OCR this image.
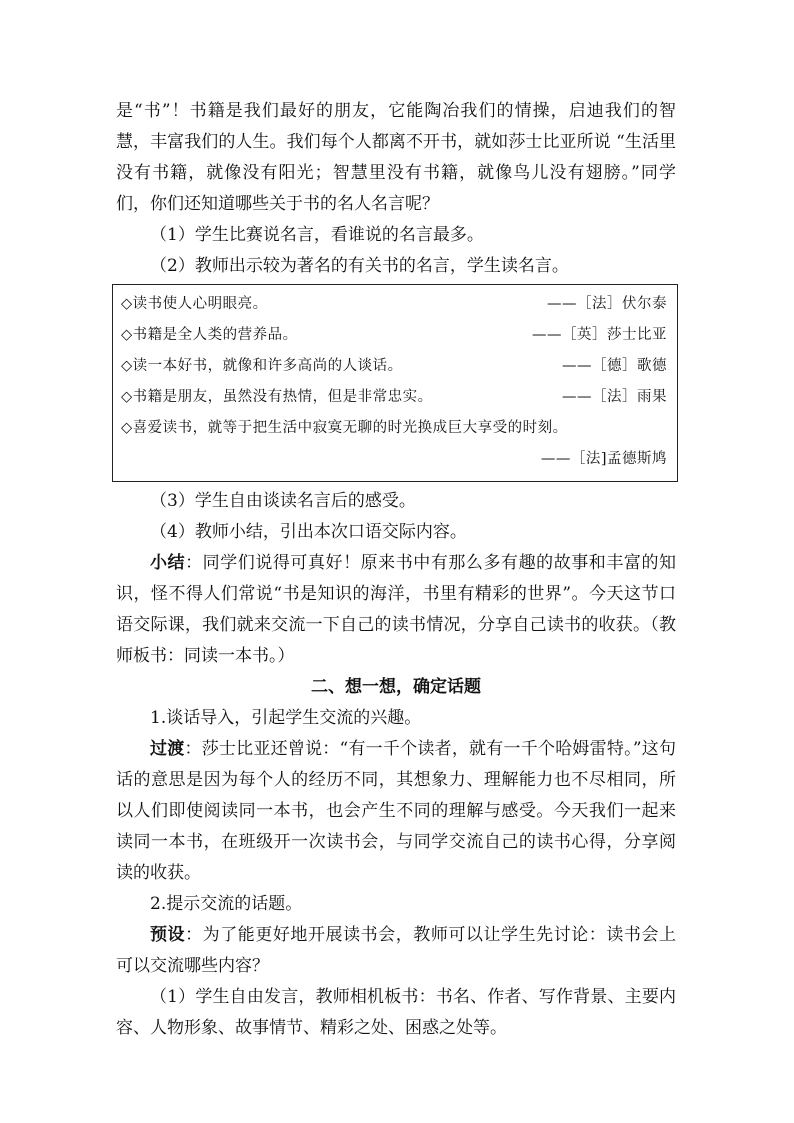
是“书”！书籍是我们最好的朋友，它能陶冶我们的情操，启迪我们的智慧，丰富我们的人生。我们每个人都离不开书，就如莎士比亚所说 “生活里没有书籍，就像没有阳光；智慧里没有书籍，就像鸟儿没有翅膀。”同学们，你们还知道哪些关于书的名人名言呢？

（1）学生比赛说名言，看谁说的名言最多。

（2）教师出示较为著名的有关书的名言，学生读名言。

◇读书使人心明眼亮。	——［法］伏尔泰
◇书籍是全人类的营养品。	——［英］莎士比亚
◇读一本好书，就像和许多高尚的人谈话。	——［德］歌德
◇书籍是朋友，虽然没有热情，但是非常忠实。	——［法］雨果
◇喜爱读书，就等于把生活中寂寞无聊的时光换成巨大享受的时刻。
——［法]孟德斯鸠

（3）学生自由谈读名言后的感受。

（4）教师小结，引出本次口语交际内容。

小结：同学们说得可真好！原来书中有那么多有趣的故事和丰富的知识，怪不得人们常说“书是知识的海洋，书里有精彩的世界”。今天这节口语交际课，我们就来交流一下自己的读书情况，分享自己读书的收获。（教师板书：同读一本书。）

二、想一想，确定话题

1.谈话导入，引起学生交流的兴趣。

过渡：莎士比亚还曾说：“有一千个读者，就有一千个哈姆雷特。”这句话的意思是因为每个人的经历不同，其想象力、理解能力也不尽相同，所以人们即使阅读同一本书，也会产生不同的理解与感受。今天我们一起来读同一本书，在班级开一次读书会，与同学交流自己的读书心得，分享阅读的收获。

2.提示交流的话题。

预设：为了能更好地开展读书会，教师可以让学生先讨论：读书会上可以交流哪些内容？

（1）学生自由发言，教师相机板书：书名、作者、写作背景、主要内容、人物形象、故事情节、精彩之处、困惑之处等。
